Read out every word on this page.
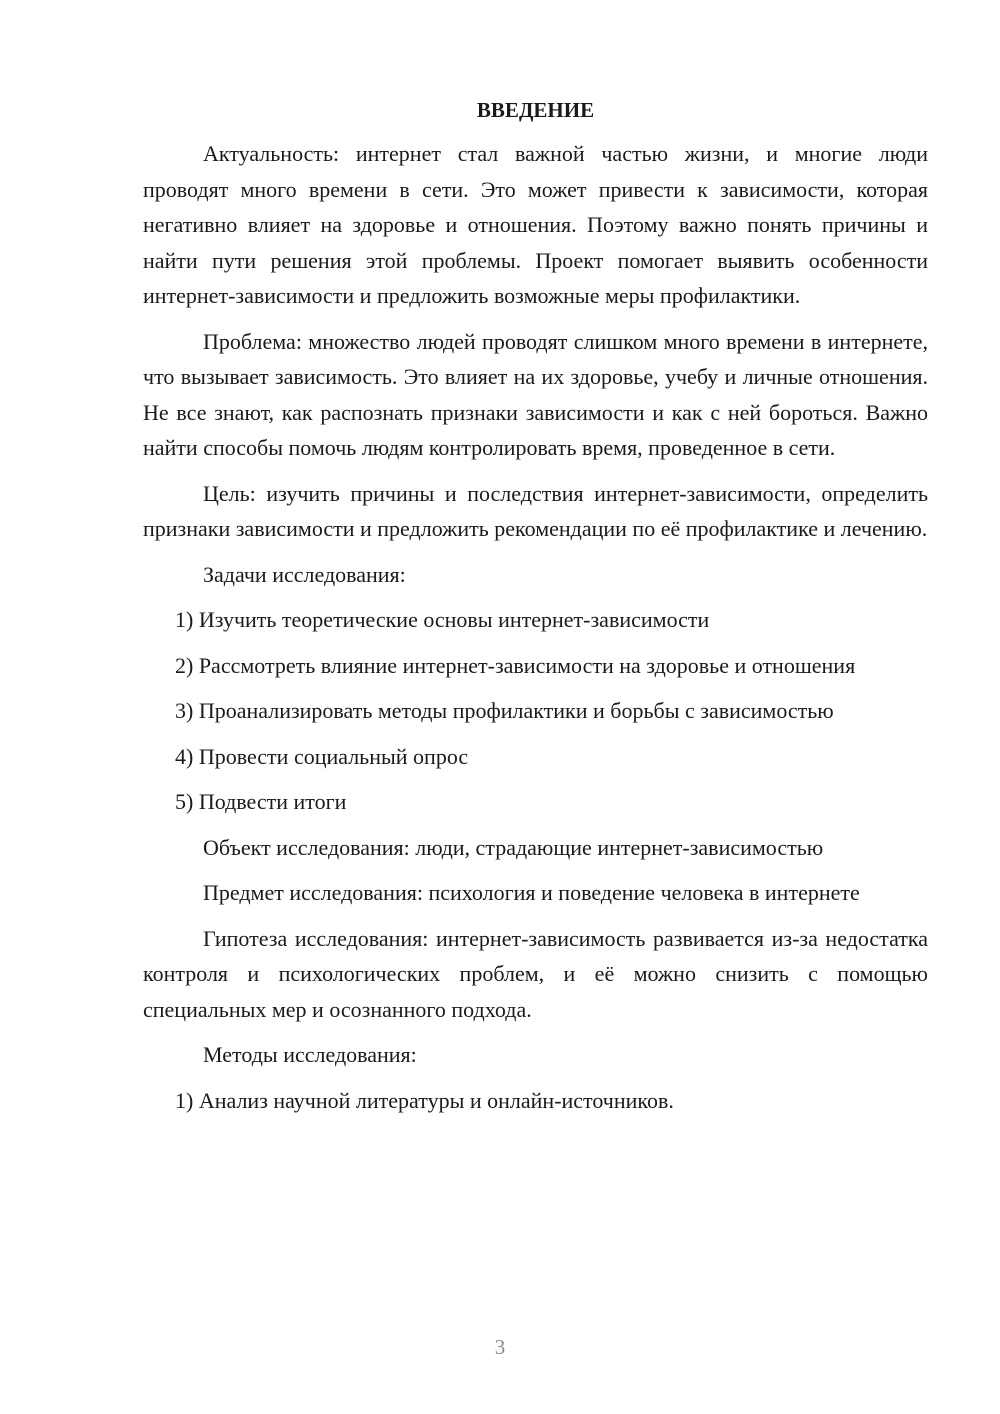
ВВЕДЕНИЕ

Актуальность: интернет стал важной частью жизни, и многие люди проводят много времени в сети. Это может привести к зависимости, которая негативно влияет на здоровье и отношения. Поэтому важно понять причины и найти пути решения этой проблемы. Проект помогает выявить особенности интернет-зависимости и предложить возможные меры профилактики.

Проблема: множество людей проводят слишком много времени в интернете, что вызывает зависимость. Это влияет на их здоровье, учебу и личные отношения. Не все знают, как распознать признаки зависимости и как с ней бороться. Важно найти способы помочь людям контролировать время, проведенное в сети.

Цель: изучить причины и последствия интернет-зависимости, определить признаки зависимости и предложить рекомендации по её профилактике и лечению.

Задачи исследования:

1) Изучить теоретические основы интернет-зависимости

2) Рассмотреть влияние интернет-зависимости на здоровье и отношения

3) Проанализировать методы профилактики и борьбы с зависимостью

4) Провести социальный опрос

5) Подвести итоги

Объект исследования: люди, страдающие интернет-зависимостью

Предмет исследования: психология и поведение человека в интернете

Гипотеза исследования: интернет-зависимость развивается из-за недостатка контроля и психологических проблем, и её можно снизить с помощью специальных мер и осознанного подхода.

Методы исследования:

1) Анализ научной литературы и онлайн-источников.

3
